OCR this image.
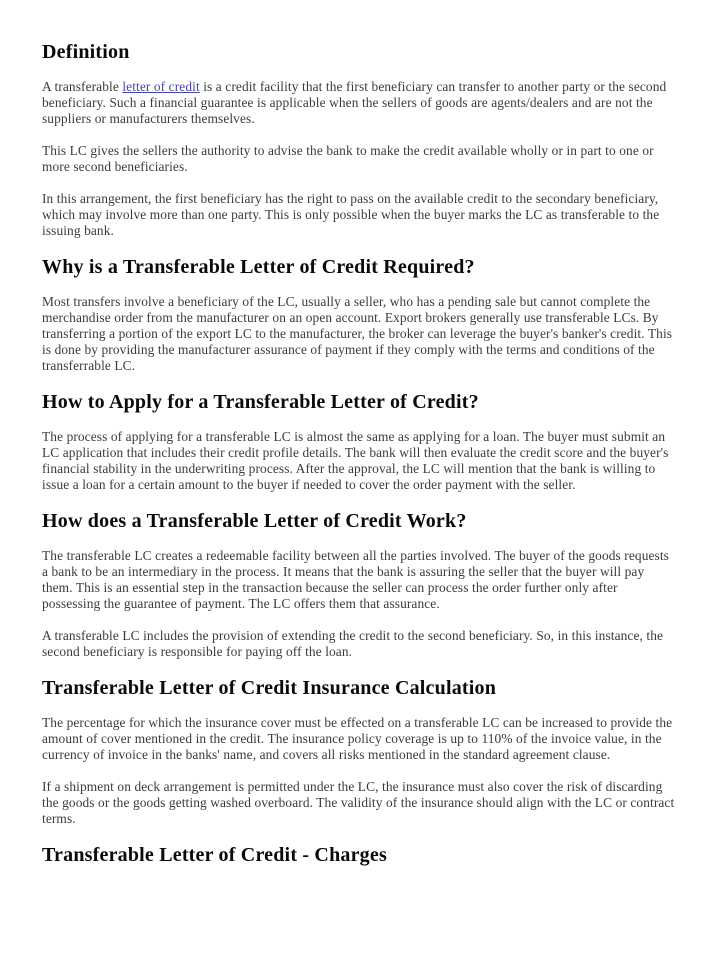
Definition

A transferable letter of credit is a credit facility that the first beneficiary can transfer to another party or the second beneficiary. Such a financial guarantee is applicable when the sellers of goods are agents/dealers and are not the suppliers or manufacturers themselves.

This LC gives the sellers the authority to advise the bank to make the credit available wholly or in part to one or more second beneficiaries.

In this arrangement, the first beneficiary has the right to pass on the available credit to the secondary beneficiary, which may involve more than one party. This is only possible when the buyer marks the LC as transferable to the issuing bank.

Why is a Transferable Letter of Credit Required?

Most transfers involve a beneficiary of the LC, usually a seller, who has a pending sale but cannot complete the merchandise order from the manufacturer on an open account. Export brokers generally use transferable LCs. By transferring a portion of the export LC to the manufacturer, the broker can leverage the buyer's banker's credit. This is done by providing the manufacturer assurance of payment if they comply with the terms and conditions of the transferrable LC.

How to Apply for a Transferable Letter of Credit?

The process of applying for a transferable LC is almost the same as applying for a loan. The buyer must submit an LC application that includes their credit profile details. The bank will then evaluate the credit score and the buyer's financial stability in the underwriting process. After the approval, the LC will mention that the bank is willing to issue a loan for a certain amount to the buyer if needed to cover the order payment with the seller.

How does a Transferable Letter of Credit Work?

The transferable LC creates a redeemable facility between all the parties involved. The buyer of the goods requests a bank to be an intermediary in the process. It means that the bank is assuring the seller that the buyer will pay them. This is an essential step in the transaction because the seller can process the order further only after possessing the guarantee of payment. The LC offers them that assurance.

A transferable LC includes the provision of extending the credit to the second beneficiary. So, in this instance, the second beneficiary is responsible for paying off the loan.

Transferable Letter of Credit Insurance Calculation

The percentage for which the insurance cover must be effected on a transferable LC can be increased to provide the amount of cover mentioned in the credit. The insurance policy coverage is up to 110% of the invoice value, in the currency of invoice in the banks' name, and covers all risks mentioned in the standard agreement clause.

If a shipment on deck arrangement is permitted under the LC, the insurance must also cover the risk of discarding the goods or the goods getting washed overboard. The validity of the insurance should align with the LC or contract terms.

Transferable Letter of Credit - Charges
